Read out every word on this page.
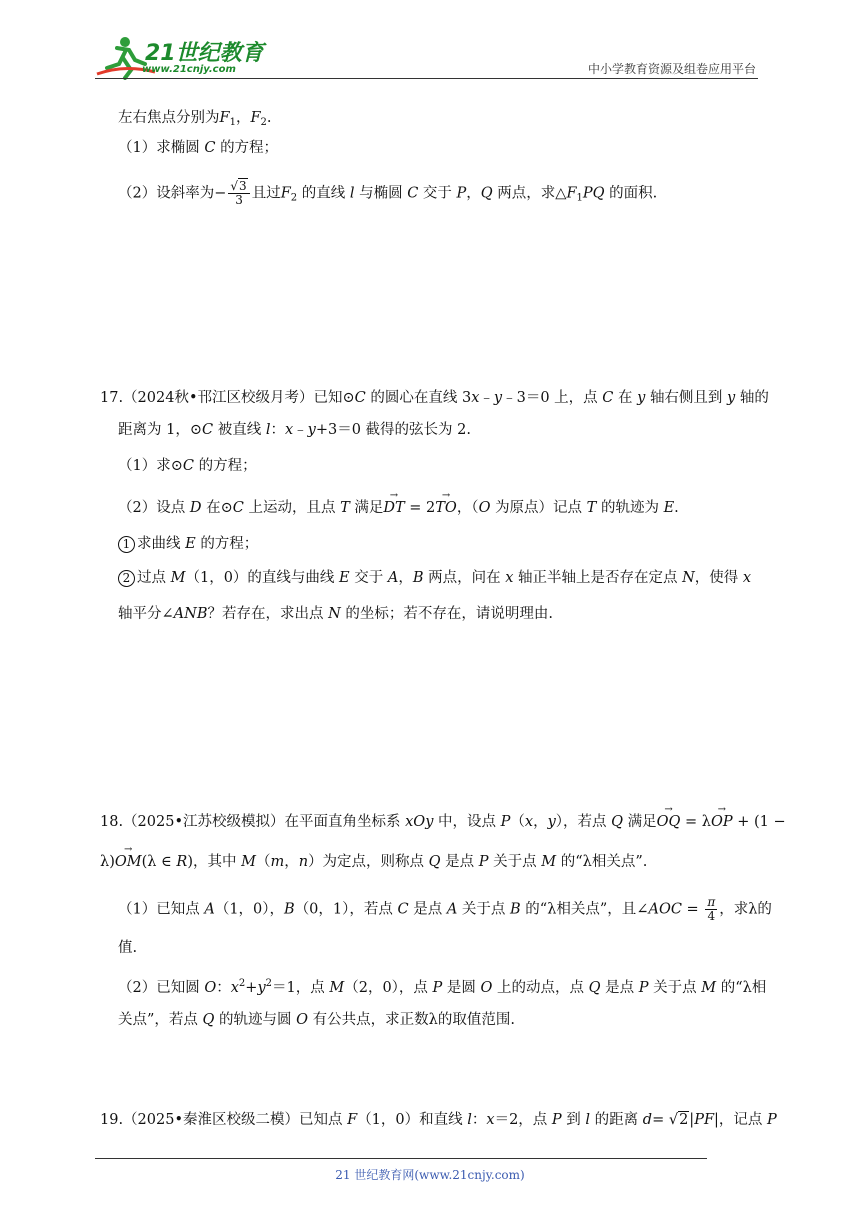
21世纪教育
www.21cnjy.com	中小学教育资源及组卷应用平台
左右焦点分别为$F_1$，$F_2$.
（1）求椭圆 C 的方程；
（2）设斜率为− $\frac{√3}{3}$ 且过$F_2$ 的直线 l 与椭圆 C 交于 P，Q 两点，求$\triangle F_1PQ$ 的面积.
17.（2024秋•邗江区校级月考）已知⊙C 的圆心在直线 3x﹣y﹣3＝0 上，点 C 在 y 轴右侧且到 y 轴的
距离为 1，⊙C 被直线 l：x﹣y+3＝0 截得的弦长为 2.
（1）求⊙C 的方程；
（2）设点 D 在⊙C 上运动，且点 T 满足→ DT = 2→ TO，（O 为原点）记点 T 的轨迹为 E.
1 求曲线 E 的方程；
2 过点 M（1，0）的直线与曲线 E 交于 A，B 两点，问在 x 轴正半轴上是否存在定点 N，使得 x
轴平分∠ANB？若存在，求出点 N 的坐标；若不存在，请说明理由.
18.（2025•江苏校级模拟）在平面直角坐标系 xOy 中，设点 P（x，y），若点 Q 满足→ OQ = λ→ OP + (1 −
λ)→ OM(λ ∈ R)，其中 M（m，n）为定点，则称点 Q 是点 P 关于点 M 的“λ相关点”.
（1）已知点 A（1，0），B（0，1），若点 C 是点 A 关于点 B 的“λ相关点”，且∠AOC = $\frac{\pi}{4}$ ，求λ的
值.
（2）已知圆 O：$x^2+y^2=1$，点 M（2，0），点 P 是圆 O 上的动点，点 Q 是点 P 关于点 M 的“λ相
关点”，若点 Q 的轨迹与圆 O 有公共点，求正数λ的取值范围.
19.（2025•秦淮区校级二模）已知点 F（1，0）和直线 l：x＝2，点 P 到 l 的距离 d= √2|PF|，记点 P
21 世纪教育网(www.21cnjy.com)
